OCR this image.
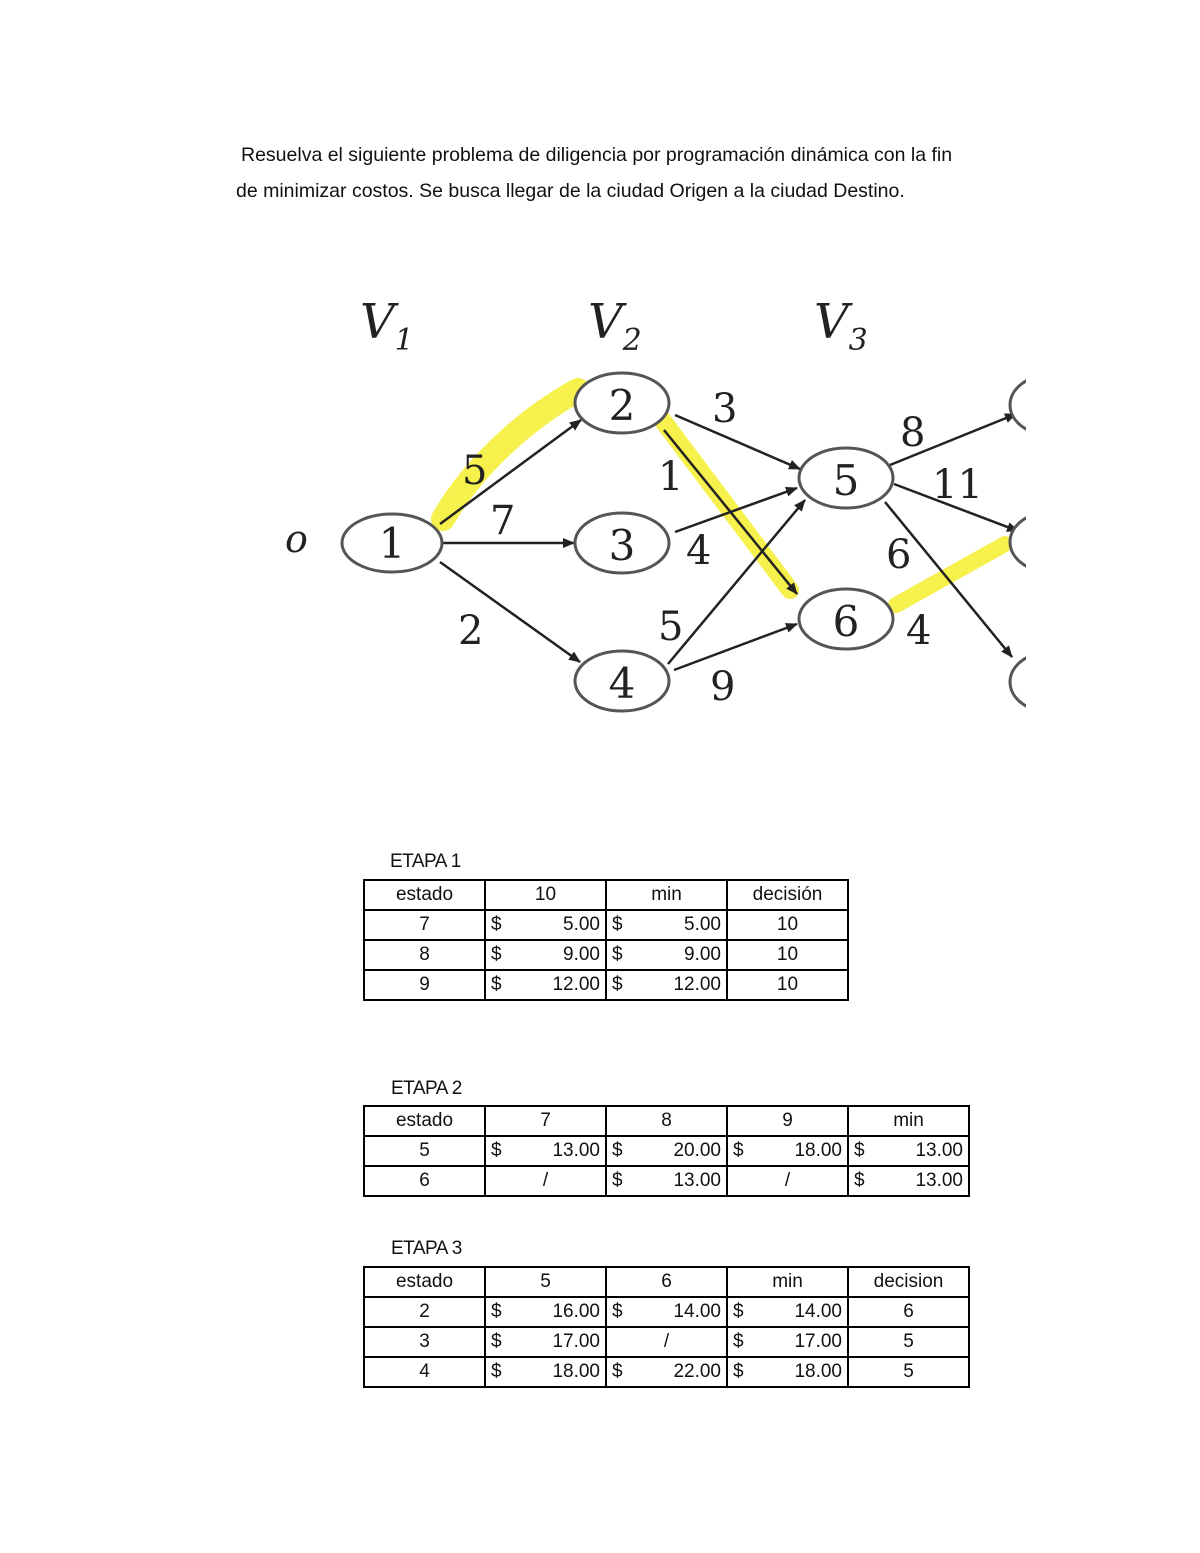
Resuelva el siguiente problema de diligencia por programación dinámica con la fin
de minimizar costos. Se busca llegar de la ciudad Origen a la ciudad Destino.
$V_1$	$V_2$	$V_3$
o 1
2
3
4
5
6
5
7
2
3
1
4
5
9
8
11
6
4
ETAPA 1
estado	10	min	decisión
7	$ 5.00	$ 5.00	10
8	$ 9.00	$ 9.00	10
9	$ 12.00	$ 12.00	10
ETAPA 2
estado	7	8	9	min
5	$ 13.00	$ 20.00	$ 18.00	$ 13.00

6	/	$ 13.00	/	$ 13.00
ETAPA 3
estado	5	6	min	decision
2	$ 16.00	$ 14.00	$ 14.00	6
3	$ 17.00	/	$ 17.00	5
4	$ 18.00	$ 22.00	$ 18.00	5
